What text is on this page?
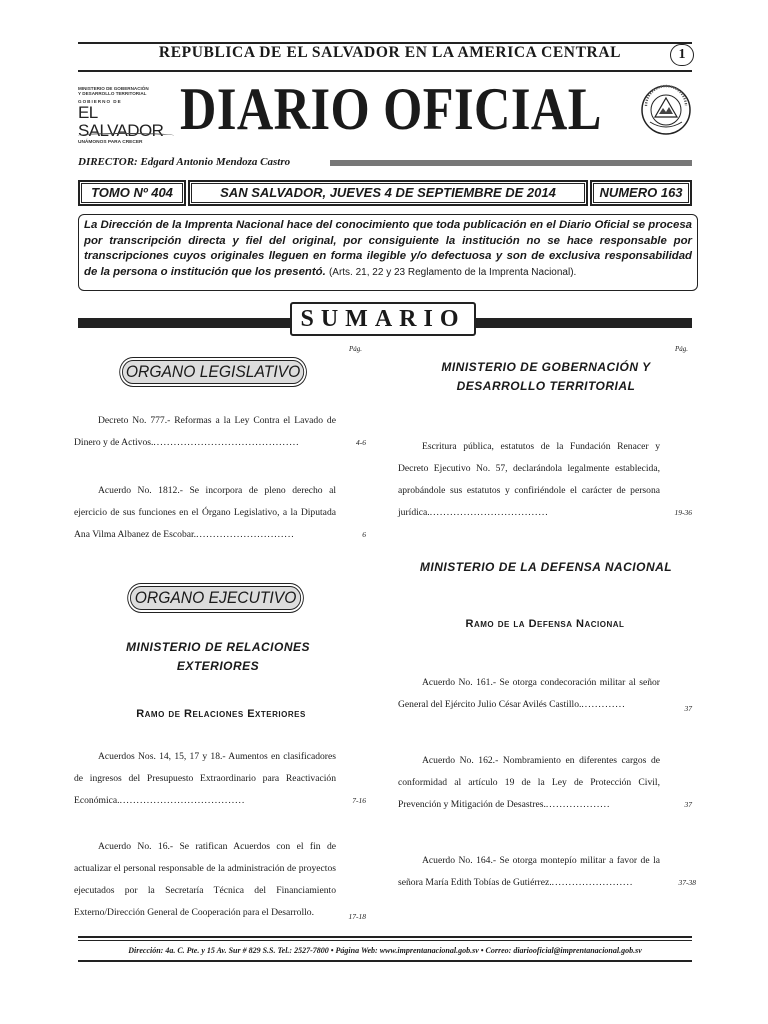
REPUBLICA DE EL SALVADOR EN LA AMERICA CENTRAL	1
MINISTERIO DE GOBERNACIÓN
Y DESARROLLO TERRITORIAL
GOBIERNO DE
EL SALVADOR
UNÁMONOS PARA CRECER
DIARIO OFICIAL
DIRECTOR: Edgard Antonio Mendoza Castro
TOMO Nº 404	SAN SALVADOR, JUEVES 4 DE SEPTIEMBRE DE 2014	NUMERO 163
La Dirección de la Imprenta Nacional hace del conocimiento que toda publicación en el Diario Oficial se procesa por transcripción directa y fiel del original, por consiguiente la institución no se hace responsable por transcripciones cuyos originales lleguen en forma ilegible y/o defectuosa y son de exclusiva responsabilidad de la persona o institución que los presentó. (Arts. 21, 22 y 23 Reglamento de la Imprenta Nacional).
SUMARIO
Pág.	Pág.
ORGANO LEGISLATIVO
Decreto No. 777.- Reformas a la Ley Contra el Lavado de Dinero y de Activos............................................	4-6
Acuerdo No. 1812.- Se incorpora de pleno derecho al ejercicio de sus funciones en el Órgano Legislativo, a la Diputada Ana Vilma Albanez de Escobar..............................	6
ORGANO EJECUTIVO
MINISTERIO DE RELACIONES EXTERIORES
Ramo de Relaciones Exteriores
Acuerdos Nos. 14, 15, 17 y 18.- Aumentos en clasificadores de ingresos del Presupuesto Extraordinario para Reactivación Económica......................................	7-16
Acuerdo No. 16.- Se ratifican Acuerdos con el fin de actualizar el personal responsable de la administración de proyectos ejecutados por la Secretaría Técnica del Financiamiento Externo/Dirección General de Cooperación para el Desarrollo.	17-18
MINISTERIO DE GOBERNACIÓN Y DESARROLLO TERRITORIAL
Escritura pública, estatutos de la Fundación Renacer y Decreto Ejecutivo No. 57, declarándola legalmente establecida, aprobándole sus estatutos y confiriéndole el carácter de persona jurídica....................................	19-36
MINISTERIO DE LA DEFENSA NACIONAL
Ramo de la Defensa Nacional
Acuerdo No. 161.- Se otorga condecoración militar al señor General del Ejército Julio César Avilés Castillo..............	37
Acuerdo No. 162.- Nombramiento en diferentes cargos de conformidad al artículo 19 de la Ley de Protección Civil, Prevención y Mitigación de Desastres....................	37
Acuerdo No. 164.- Se otorga montepío militar a favor de la señora María Edith Tobías de Gutiérrez.........................	37-38
Dirección: 4a. C. Pte. y 15 Av. Sur # 829 S.S. Tel.: 2527-7800 • Página Web: www.imprentanacional.gob.sv • Correo: diariooficial@imprentanacional.gob.sv
